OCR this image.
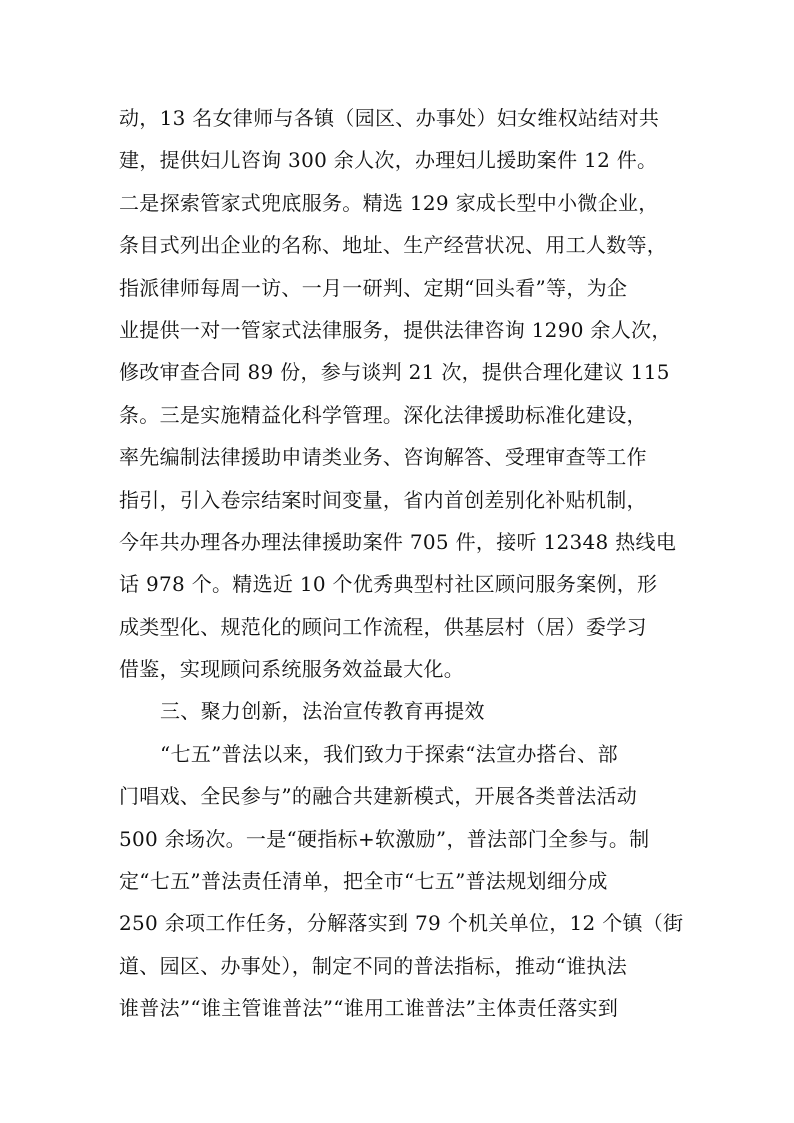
动，13 名女律师与各镇（园区、办事处）妇女维权站结对共
建，提供妇儿咨询 300 余人次，办理妇儿援助案件 12 件。
二是探索管家式兜底服务。精选 129 家成长型中小微企业，
条目式列出企业的名称、地址、生产经营状况、用工人数等，
指派律师每周一访、一月一研判、定期“回头看”等，为企
业提供一对一管家式法律服务，提供法律咨询 1290 余人次，
修改审查合同 89 份，参与谈判 21 次，提供合理化建议 115
条。三是实施精益化科学管理。深化法律援助标准化建设，
率先编制法律援助申请类业务、咨询解答、受理审查等工作
指引，引入卷宗结案时间变量，省内首创差别化补贴机制，
今年共办理各办理法律援助案件 705 件，接听 12348 热线电
话 978 个。精选近 10 个优秀典型村社区顾问服务案例，形
成类型化、规范化的顾问工作流程，供基层村（居）委学习
借鉴，实现顾问系统服务效益最大化。
三、聚力创新，法治宣传教育再提效
“七五”普法以来，我们致力于探索“法宣办搭台、部
门唱戏、全民参与”的融合共建新模式，开展各类普法活动
500 余场次。一是“硬指标+软激励”，普法部门全参与。制
定“七五”普法责任清单，把全市“七五”普法规划细分成
250 余项工作任务，分解落实到 79 个机关单位，12 个镇（街
道、园区、办事处），制定不同的普法指标，推动“谁执法
谁普法”“谁主管谁普法”“谁用工谁普法”主体责任落实到
